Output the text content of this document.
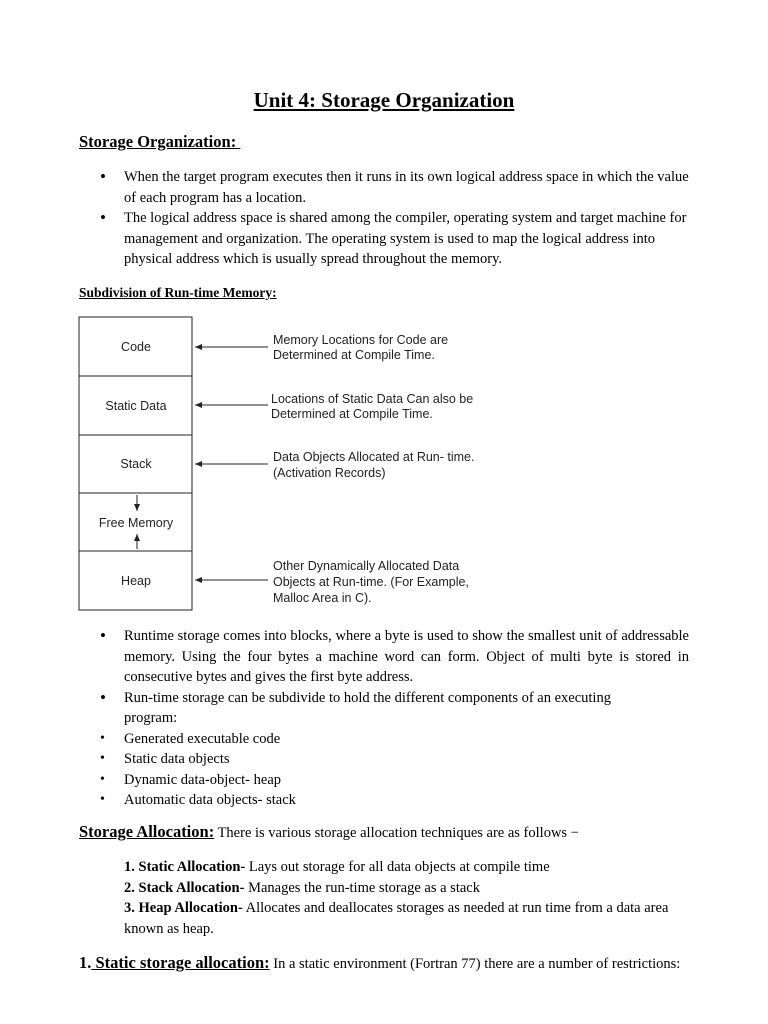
Unit 4: Storage Organization
Storage Organization:
• When the target program executes then it runs in its own logical address space in which the value of each program has a location.
• The logical address space is shared among the compiler, operating system and target machine for management and organization. The operating system is used to map the logical address into physical address which is usually spread throughout the memory.
Subdivision of Run-time Memory:
Code
Static Data
Stack
Free Memory
Heap
Memory Locations for Code are
Determined at Compile Time.
Locations of Static Data Can also be
Determined at Compile Time.
Data Objects Allocated at Run- time.
(Activation Records)
Other Dynamically Allocated Data
Objects at Run-time. (For Example,
Malloc Area in C).
• Runtime storage comes into blocks, where a byte is used to show the smallest unit of addressable memory. Using the four bytes a machine word can form. Object of multi byte is stored in consecutive bytes and gives the first byte address.
• Run-time storage can be subdivide to hold the different components of an executing program:
• Generated executable code
• Static data objects
• Dynamic data-object- heap
• Automatic data objects- stack

Storage Allocation: There is various storage allocation techniques are as follows −

1. Static Allocation- Lays out storage for all data objects at compile time
2. Stack Allocation- Manages the run-time storage as a stack
3. Heap Allocation- Allocates and deallocates storages as needed at run time from a data area known as heap.

1. Static storage allocation: In a static environment (Fortran 77) there are a number of restrictions:
